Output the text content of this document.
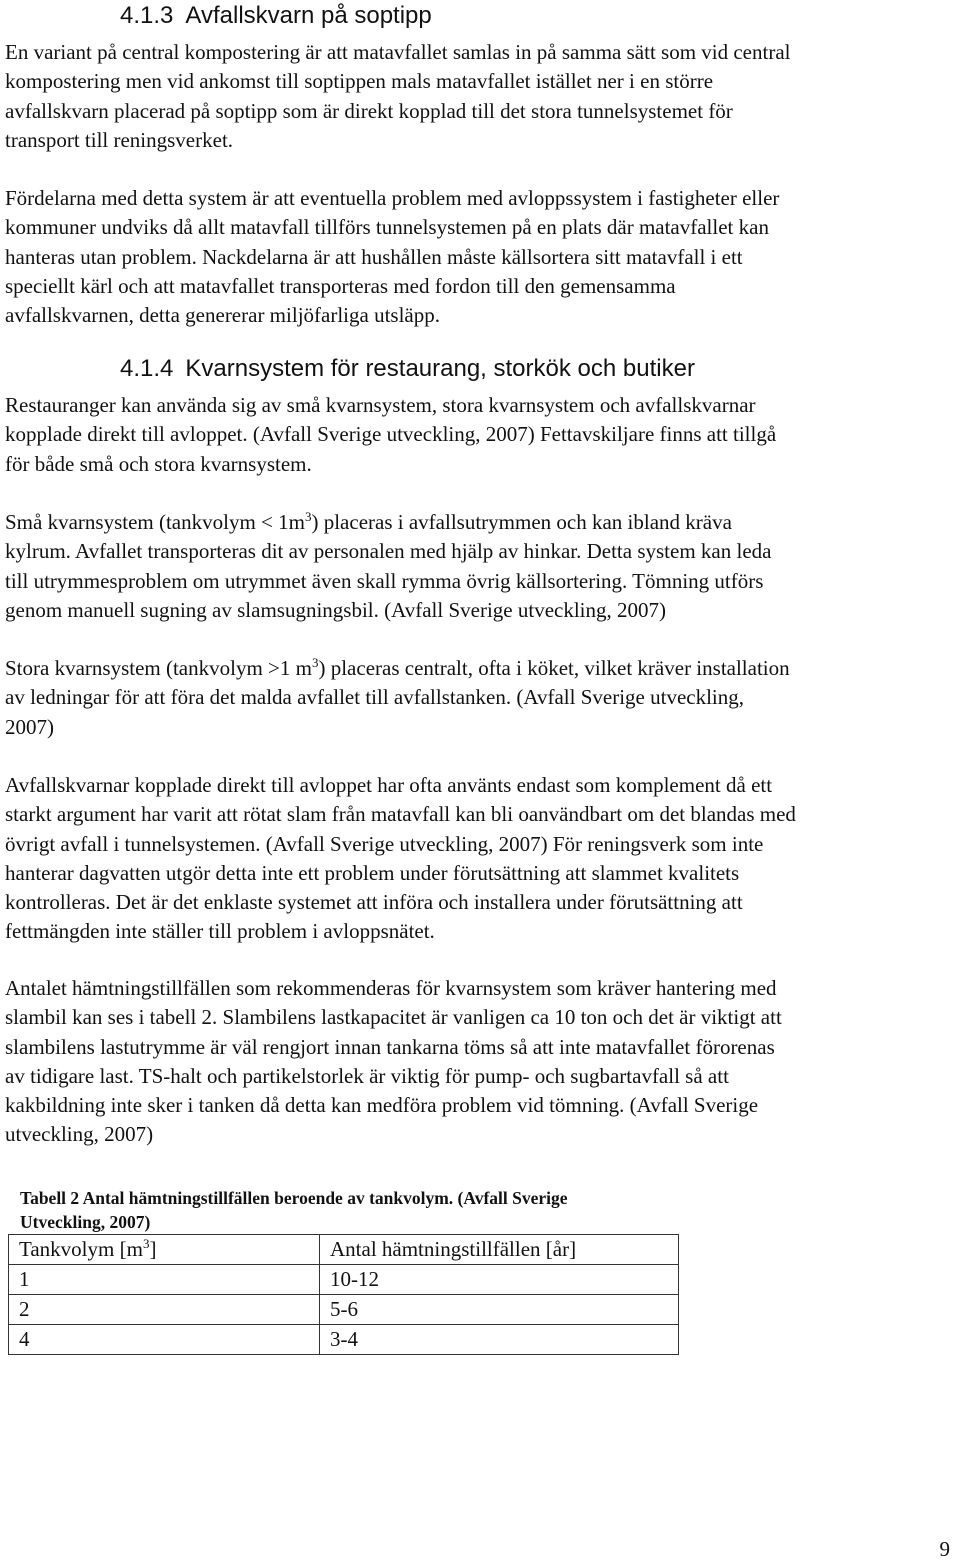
4.1.3 Avfallskvarn på soptipp

En variant på central kompostering är att matavfallet samlas in på samma sätt som vid central
kompostering men vid ankomst till soptippen mals matavfallet istället ner i en större
avfallskvarn placerad på soptipp som är direkt kopplad till det stora tunnelsystemet för
transport till reningsverket.

Fördelarna med detta system är att eventuella problem med avloppssystem i fastigheter eller
kommuner undviks då allt matavfall tillförs tunnelsystemen på en plats där matavfallet kan
hanteras utan problem. Nackdelarna är att hushållen måste källsortera sitt matavfall i ett
speciellt kärl och att matavfallet transporteras med fordon till den gemensamma
avfallskvarnen, detta genererar miljöfarliga utsläpp.

4.1.4 Kvarnsystem för restaurang, storkök och butiker

Restauranger kan använda sig av små kvarnsystem, stora kvarnsystem och avfallskvarnar
kopplade direkt till avloppet. (Avfall Sverige utveckling, 2007) Fettavskiljare finns att tillgå
för både små och stora kvarnsystem.

Små kvarnsystem (tankvolym < $1m^3$) placeras i avfallsutrymmen och kan ibland kräva
kylrum. Avfallet transporteras dit av personalen med hjälp av hinkar. Detta system kan leda
till utrymmesproblem om utrymmet även skall rymma övrig källsortering. Tömning utförs
genom manuell sugning av slamsugningsbil. (Avfall Sverige utveckling, 2007)

Stora kvarnsystem (tankvolym >1 $m^3$) placeras centralt, ofta i köket, vilket kräver installation
av ledningar för att föra det malda avfallet till avfallstanken. (Avfall Sverige utveckling,
2007)

Avfallskvarnar kopplade direkt till avloppet har ofta använts endast som komplement då ett
starkt argument har varit att rötat slam från matavfall kan bli oanvändbart om det blandas med
övrigt avfall i tunnelsystemen. (Avfall Sverige utveckling, 2007) För reningsverk som inte
hanterar dagvatten utgör detta inte ett problem under förutsättning att slammet kvalitets
kontrolleras. Det är det enklaste systemet att införa och installera under förutsättning att
fettmängden inte ställer till problem i avloppsnätet.

Antalet hämtningstillfällen som rekommenderas för kvarnsystem som kräver hantering med
slambil kan ses i tabell 2. Slambilens lastkapacitet är vanligen ca 10 ton och det är viktigt att
slambilens lastutrymme är väl rengjort innan tankarna töms så att inte matavfallet förorenas
av tidigare last. TS-halt och partikelstorlek är viktig för pump- och sugbartavfall så att
kakbildning inte sker i tanken då detta kan medföra problem vid tömning. (Avfall Sverige
utveckling, 2007)

Tabell 2 Antal hämtningstillfällen beroende av tankvolym. (Avfall Sverige
Utveckling, 2007)

Tankvolym $[m^3]$	Antal hämtningstillfällen [år]
1	10-12
2	5-6
4	3-4
9
